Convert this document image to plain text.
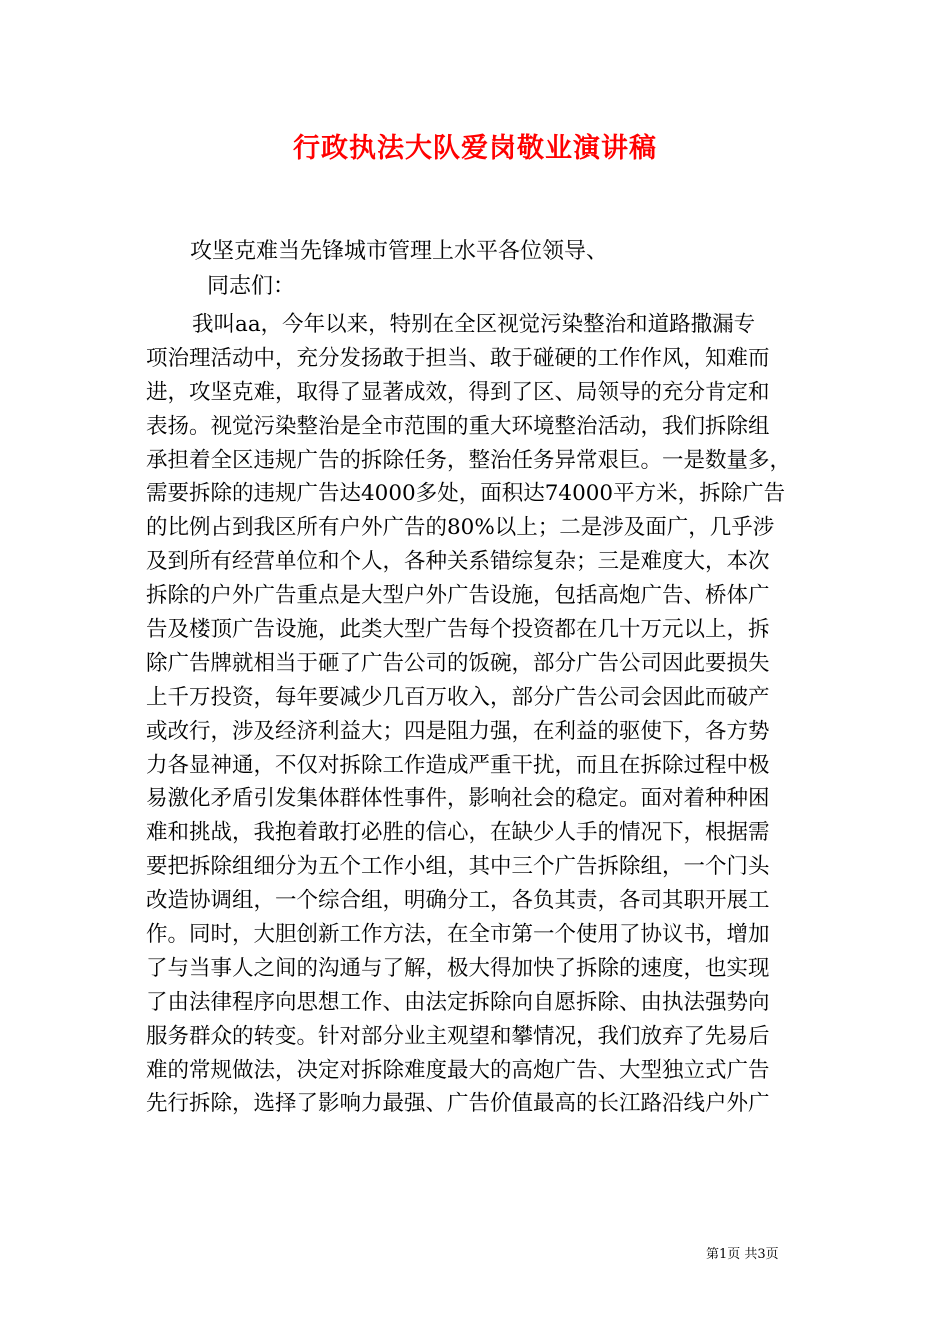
行政执法大队爱岗敬业演讲稿
攻坚克难当先锋城市管理上水平各位领导、
同志们：
我叫aa，今年以来，特别在全区视觉污染整治和道路撒漏专
项治理活动中，充分发扬敢于担当、敢于碰硬的工作作风，知难而
进，攻坚克难，取得了显著成效，得到了区、局领导的充分肯定和
表扬。视觉污染整治是全市范围的重大环境整治活动，我们拆除组
承担着全区违规广告的拆除任务，整治任务异常艰巨。一是数量多，
需要拆除的违规广告达4000多处，面积达74000平方米，拆除广告
的比例占到我区所有户外广告的80%以上；二是涉及面广，几乎涉
及到所有经营单位和个人，各种关系错综复杂；三是难度大，本次
拆除的户外广告重点是大型户外广告设施，包括高炮广告、桥体广
告及楼顶广告设施，此类大型广告每个投资都在几十万元以上，拆
除广告牌就相当于砸了广告公司的饭碗，部分广告公司因此要损失
上千万投资，每年要减少几百万收入，部分广告公司会因此而破产
或改行，涉及经济利益大；四是阻力强，在利益的驱使下，各方势
力各显神通，不仅对拆除工作造成严重干扰，而且在拆除过程中极
易激化矛盾引发集体群体性事件，影响社会的稳定。面对着种种困
难和挑战，我抱着敢打必胜的信心，在缺少人手的情况下，根据需
要把拆除组细分为五个工作小组，其中三个广告拆除组，一个门头
改造协调组，一个综合组，明确分工，各负其责，各司其职开展工
作。同时，大胆创新工作方法，在全市第一个使用了协议书，增加
了与当事人之间的沟通与了解，极大得加快了拆除的速度，也实现
了由法律程序向思想工作、由法定拆除向自愿拆除、由执法强势向
服务群众的转变。针对部分业主观望和攀情况，我们放弃了先易后
难的常规做法，决定对拆除难度最大的高炮广告、大型独立式广告
先行拆除，选择了影响力最强、广告价值最高的长江路沿线户外广
第1页 共3页
